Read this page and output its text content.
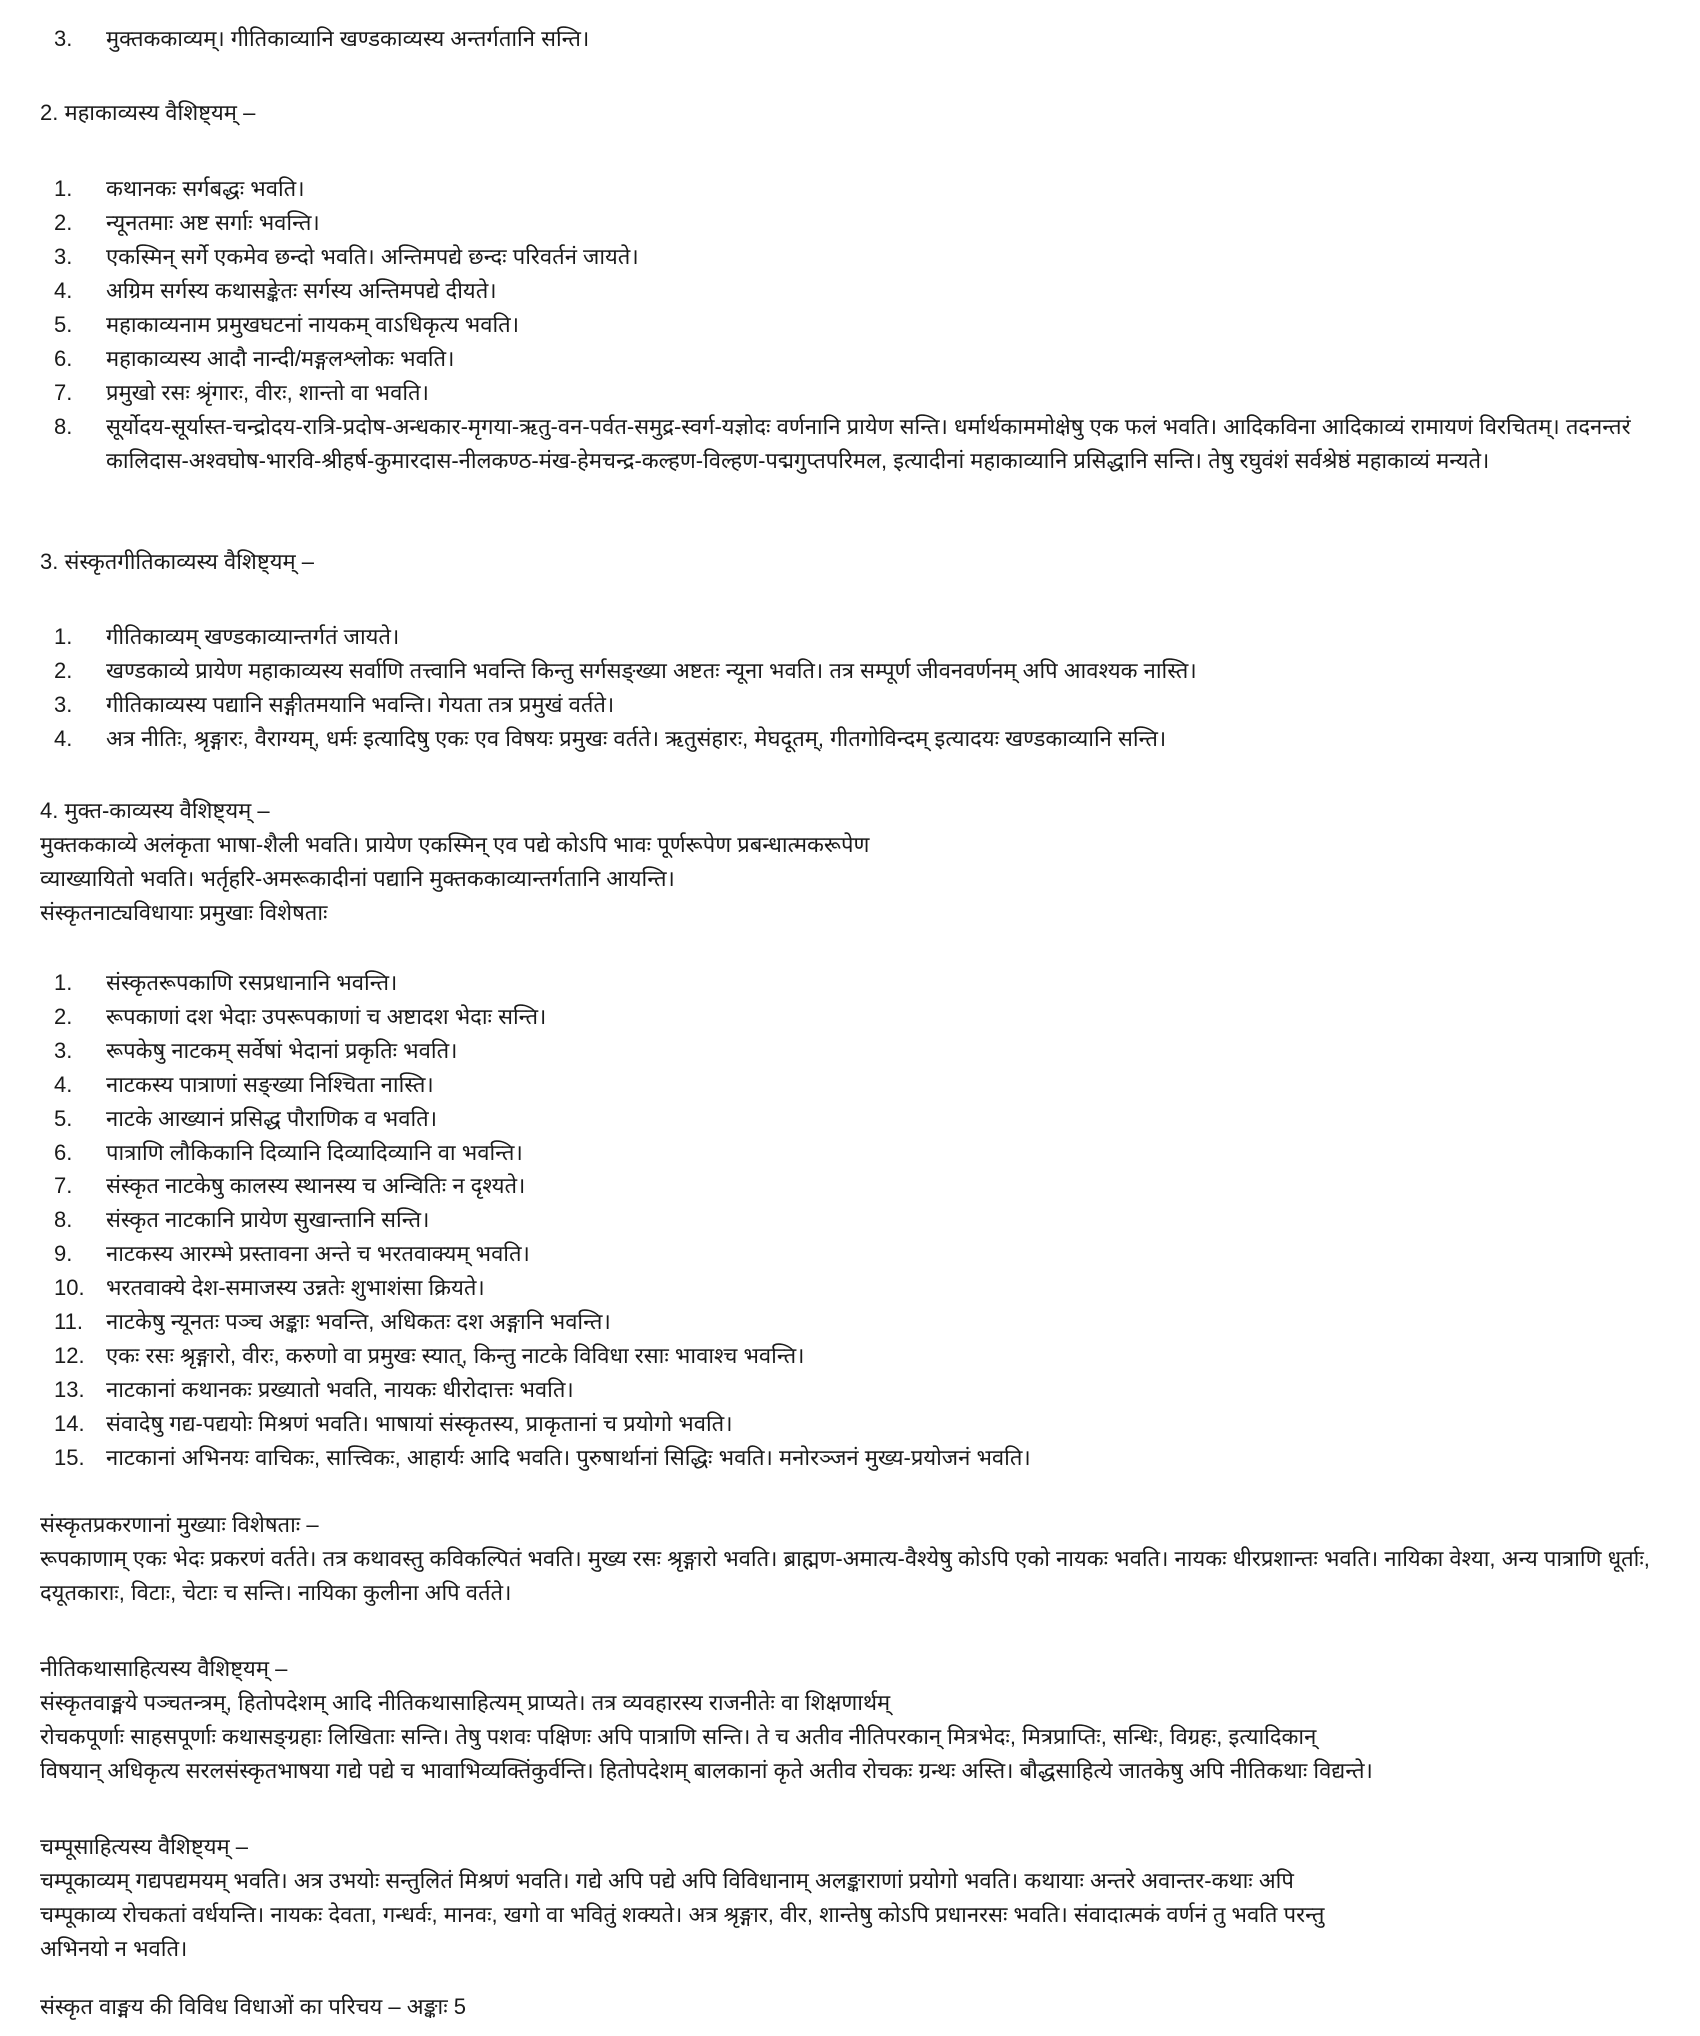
3.	मुक्तककाव्यम्। गीतिकाव्यानि खण्डकाव्यस्य अन्तर्गतानि सन्ति।
2. महाकाव्यस्य वैशिष्ट्यम् –
1.	कथानकः सर्गबद्धः भवति।
2.	न्यूनतमाः अष्ट सर्गाः भवन्ति।
3.	एकस्मिन् सर्गे एकमेव छन्दो भवति। अन्तिमपद्ये छन्दः परिवर्तनं जायते।
4.	अग्रिम सर्गस्य कथासङ्केतः सर्गस्य अन्तिमपद्ये दीयते।
5.	महाकाव्यनाम प्रमुखघटनां नायकम् वाऽधिकृत्य भवति।
6.	महाकाव्यस्य आदौ नान्दी/मङ्गलश्लोकः भवति।
7.	प्रमुखो रसः श्रृंगारः, वीरः, शान्तो वा भवति।
8.	सूर्योदय-सूर्यास्त-चन्द्रोदय-रात्रि-प्रदोष-अन्धकार-मृगया-ऋतु-वन-पर्वत-समुद्र-स्वर्ग-यज्ञोदः वर्णनानि प्रायेण सन्ति। धर्मार्थकाममोक्षेषु एक फलं भवति। आदिकविना आदिकाव्यं रामायणं विरचितम्। तदनन्तरं कालिदास-अश्वघोष-भारवि-श्रीहर्ष-कुमारदास-नीलकण्ठ-मंख-हेमचन्द्र-कल्हण-विल्हण-पद्मगुप्तपरिमल, इत्यादीनां महाकाव्यानि प्रसिद्धानि सन्ति। तेषु रघुवंशं सर्वश्रेष्ठं महाकाव्यं मन्यते।
3. संस्कृतगीतिकाव्यस्य वैशिष्ट्यम् –
1.	गीतिकाव्यम् खण्डकाव्यान्तर्गतं जायते।
2.	खण्डकाव्ये प्रायेण महाकाव्यस्य सर्वाणि तत्त्वानि भवन्ति किन्तु सर्गसङ्ख्या अष्टतः न्यूना भवति। तत्र सम्पूर्ण जीवनवर्णनम् अपि आवश्यक नास्ति।
3.	गीतिकाव्यस्य पद्यानि सङ्गीतमयानि भवन्ति। गेयता तत्र प्रमुखं वर्तते।
4.	अत्र नीतिः, श्रृङ्गारः, वैराग्यम्, धर्मः इत्यादिषु एकः एव विषयः प्रमुखः वर्तते। ऋतुसंहारः, मेघदूतम्, गीतगोविन्दम् इत्यादयः खण्डकाव्यानि सन्ति।
4. मुक्त-काव्यस्य वैशिष्ट्यम् –
मुक्तककाव्ये अलंकृता भाषा-शैली भवति। प्रायेण एकस्मिन् एव पद्ये कोऽपि भावः पूर्णरूपेण प्रबन्धात्मकरूपेण
व्याख्यायितो भवति। भर्तृहरि-अमरूकादीनां पद्यानि मुक्तककाव्यान्तर्गतानि आयन्ति।
संस्कृतनाट्यविधायाः प्रमुखाः विशेषताः
1.	संस्कृतरूपकाणि रसप्रधानानि भवन्ति।
2.	रूपकाणां दश भेदाः उपरूपकाणां च अष्टादश भेदाः सन्ति।
3.	रूपकेषु नाटकम् सर्वेषां भेदानां प्रकृतिः भवति।
4.	नाटकस्य पात्राणां सङ्ख्या निश्चिता नास्ति।
5.	नाटके आख्यानं प्रसिद्ध पौराणिक व भवति।
6.	पात्राणि लौकिकानि दिव्यानि दिव्यादिव्यानि वा भवन्ति।
7.	संस्कृत नाटकेषु कालस्य स्थानस्य च अन्वितिः न दृश्यते।
8.	संस्कृत नाटकानि प्रायेण सुखान्तानि सन्ति।
9.	नाटकस्य आरम्भे प्रस्तावना अन्ते च भरतवाक्यम् भवति।
10. भरतवाक्ये देश-समाजस्य उन्नतेः शुभाशंसा क्रियते।
11.	नाटकेषु न्यूनतः पञ्च अङ्काः भवन्ति, अधिकतः दश अङ्गानि भवन्ति।
12. एकः रसः श्रृङ्गारो, वीरः, करुणो वा प्रमुखः स्यात्, किन्तु नाटके विविधा रसाः भावाश्च भवन्ति।
13. नाटकानां कथानकः प्रख्यातो भवति, नायकः धीरोदात्तः भवति।
14. संवादेषु गद्य-पद्ययोः मिश्रणं भवति। भाषायां संस्कृतस्य, प्राकृतानां च प्रयोगो भवति।
15. नाटकानां अभिनयः वाचिकः, सात्त्विकः, आहार्यः आदि भवति। पुरुषार्थानां सिद्धिः भवति। मनोरञ्जनं मुख्य-प्रयोजनं भवति।
संस्कृतप्रकरणानां मुख्याः विशेषताः –
रूपकाणाम् एकः भेदः प्रकरणं वर्तते। तत्र कथावस्तु कविकल्पितं भवति। मुख्य रसः श्रृङ्गारो भवति। ब्राह्मण-अमात्य-वैश्येषु कोऽपि एको नायकः भवति। नायकः धीरप्रशान्तः भवति। नायिका वेश्या, अन्य पात्राणि धूर्ताः, दयूतकाराः, विटाः, चेटाः च सन्ति। नायिका कुलीना अपि वर्तते।
नीतिकथासाहित्यस्य वैशिष्ट्यम् –
संस्कृतवाङ्मये पञ्चतन्त्रम्, हितोपदेशम् आदि नीतिकथासाहित्यम् प्राप्यते। तत्र व्यवहारस्य राजनीतेः वा शिक्षणार्थम्
रोचकपूर्णाः साहसपूर्णाः कथासङ्ग्रहाः लिखिताः सन्ति। तेषु पशवः पक्षिणः अपि पात्राणि सन्ति। ते च अतीव नीतिपरकान् मित्रभेदः, मित्रप्राप्तिः, सन्धिः, विग्रहः, इत्यादिकान्
विषयान् अधिकृत्य सरलसंस्कृतभाषया गद्ये पद्ये च भावाभिव्यक्तिंकुर्वन्ति। हितोपदेशम् बालकानां कृते अतीव रोचकः ग्रन्थः अस्ति। बौद्धसाहित्ये जातकेषु अपि नीतिकथाः विद्यन्ते।
चम्पूसाहित्यस्य वैशिष्ट्यम् –
चम्पूकाव्यम् गद्यपद्यमयम् भवति। अत्र उभयोः सन्तुलितं मिश्रणं भवति। गद्ये अपि पद्ये अपि विविधानाम् अलङ्काराणां प्रयोगो भवति। कथायाः अन्तरे अवान्तर-कथाः अपि
चम्पूकाव्य रोचकतां वर्धयन्ति। नायकः देवता, गन्धर्वः, मानवः, खगो वा भवितुं शक्यते। अत्र श्रृङ्गार, वीर, शान्तेषु कोऽपि प्रधानरसः भवति। संवादात्मकं वर्णनं तु भवति परन्तु
अभिनयो न भवति।
संस्कृत वाङ्मय की विविध विधाओं का परिचय – अङ्काः 5
